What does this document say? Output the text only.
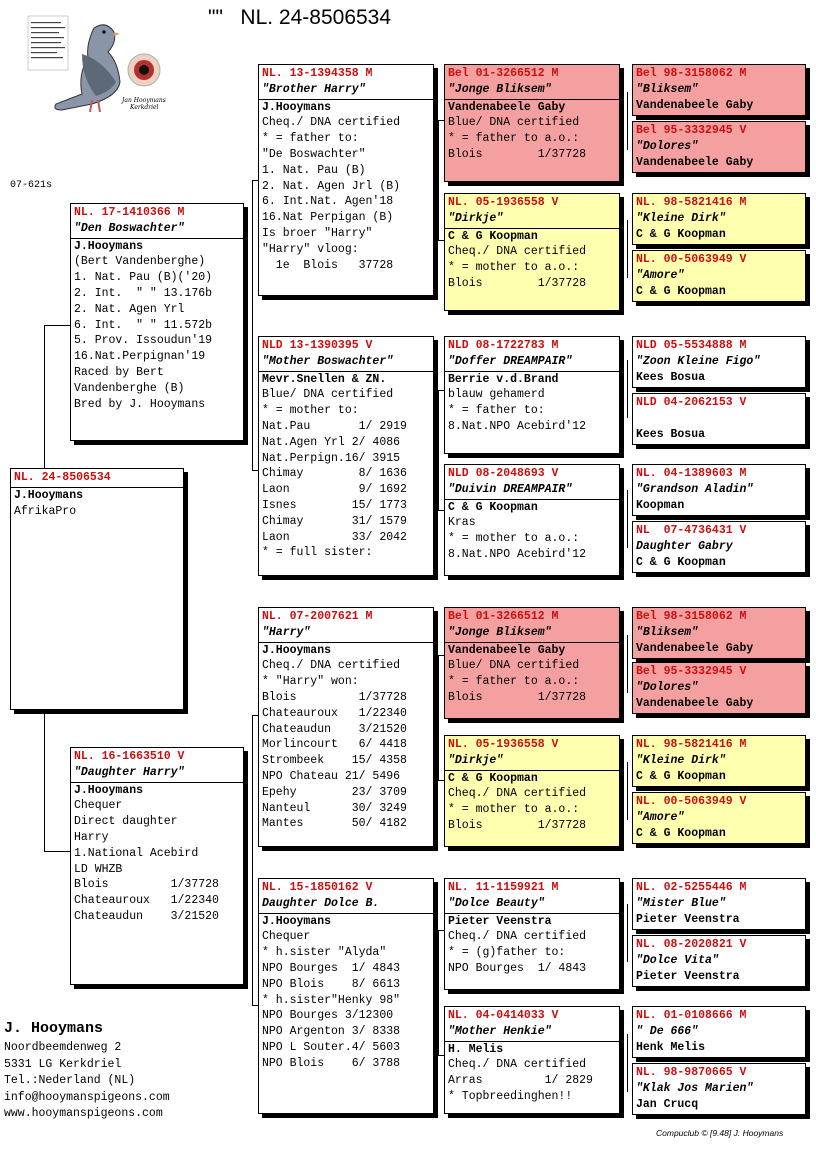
""   NL. 24-8506534
Jan Hooymans
Kerkdriel
07-621s
NL. 24-8506534
J.Hooymans
AfrikaPro
NL. 17-1410366 M
"Den Boswachter"
J.Hooymans
(Bert Vandenberghe)
1. Nat. Pau (B)('20)
2. Int.  " " 13.176b
2. Nat. Agen Yrl
6. Int.  " " 11.572b
5. Prov. Issoudun'19
16.Nat.Perpignan'19
Raced by Bert
Vandenberghe (B)
Bred by J. Hooymans
NL. 16-1663510 V
"Daughter Harry"
J.Hooymans
Chequer
Direct daughter
Harry
1.National Acebird
LD WHZB
Blois         1/37728
Chateauroux   1/22340
Chateaudun    3/21520
NL. 13-1394358 M
"Brother Harry"
J.Hooymans
Cheq./ DNA certified
* = father to:
"De Boswachter"
1. Nat. Pau (B)
2. Nat. Agen Jrl (B)
6. Int.Nat. Agen'18
16.Nat Perpigan (B)
Is broer "Harry"
"Harry" vloog:
1e  Blois   37728
NLD 13-1390395 V
"Mother Boswachter"
Mevr.Snellen & ZN.
Blue/ DNA certified
* = mother to:
Nat.Pau       1/ 2919
Nat.Agen Yrl 2/ 4086
Nat.Perpign.16/ 3915
Chimay        8/ 1636
Laon          9/ 1692
Isnes        15/ 1773
Chimay       31/ 1579
Laon         33/ 2042
* = full sister:
NL. 07-2007621 M
"Harry"
J.Hooymans
Cheq./ DNA certified
* "Harry" won:
Blois         1/37728
Chateauroux   1/22340
Chateaudun    3/21520
Morlincourt   6/ 4418
Strombeek    15/ 4358
NPO Chateau 21/ 5496
Epehy        23/ 3709
Nanteul      30/ 3249
Mantes       50/ 4182
NL. 15-1850162 V
Daughter Dolce B.
J.Hooymans
Chequer
* h.sister "Alyda"
NPO Bourges  1/ 4843
NPO Blois    8/ 6613
* h.sister"Henky 98"
NPO Bourges 3/12300
NPO Argenton 3/ 8338
NPO L Souter.4/ 5603
NPO Blois    6/ 3788
Bel 01-3266512 M
"Jonge Bliksem"
Vandenabeele Gaby
Blue/ DNA certified
* = father to a.o.:
Blois        1/37728
NL. 05-1936558 V
"Dirkje"
C & G Koopman
Cheq./ DNA certified
* = mother to a.o.:
Blois        1/37728
NLD 08-1722783 M
"Doffer DREAMPAIR"
Berrie v.d.Brand
blauw gehamerd
* = father to:
8.Nat.NPO Acebird'12
NLD 08-2048693 V
"Duivin DREAMPAIR"
C & G Koopman
Kras
* = mother to a.o.:
8.Nat.NPO Acebird'12
Bel 01-3266512 M
"Jonge Bliksem"
Vandenabeele Gaby
Blue/ DNA certified
* = father to a.o.:
Blois        1/37728
NL. 05-1936558 V
"Dirkje"
C & G Koopman
Cheq./ DNA certified
* = mother to a.o.:
Blois        1/37728
NL. 11-1159921 M
"Dolce Beauty"
Pieter Veenstra
Cheq./ DNA certified
* = (g)father to:
NPO Bourges  1/ 4843
NL. 04-0414033 V
"Mother Henkie"
H. Melis
Cheq./ DNA certified
Arras         1/ 2829
* Topbreedinghen!!
Bel 98-3158062 M
"Bliksem"
Vandenabeele Gaby
Bel 95-3332945 V
"Dolores"
Vandenabeele Gaby
NL. 98-5821416 M
"Kleine Dirk"
C & G Koopman
NL. 00-5063949 V
"Amore"
C & G Koopman
NLD 05-5534888 M
"Zoon Kleine Figo"
Kees Bosua
NLD 04-2062153 V
Kees Bosua
NL. 04-1389603 M
"Grandson Aladin"
Koopman
NL  07-4736431 V
Daughter Gabry
C & G Koopman
Bel 98-3158062 M
"Bliksem"
Vandenabeele Gaby
Bel 95-3332945 V
"Dolores"
Vandenabeele Gaby
NL. 98-5821416 M
"Kleine Dirk"
C & G Koopman
NL. 00-5063949 V
"Amore"
C & G Koopman
NL. 02-5255446 M
"Mister Blue"
Pieter Veenstra
NL. 08-2020821 V
"Dolce Vita"
Pieter Veenstra
NL. 01-0108666 M
" De 666"
Henk Melis
NL. 98-9870665 V
"Klak Jos Marien"
Jan Crucq
J. Hooymans
Noordbeemdenweg 2
5331 LG Kerkdriel
Tel.:Nederland (NL)
info@hooymanspigeons.com
www.hooymanspigeons.com
Compuclub © [9.48] J. Hooymans
